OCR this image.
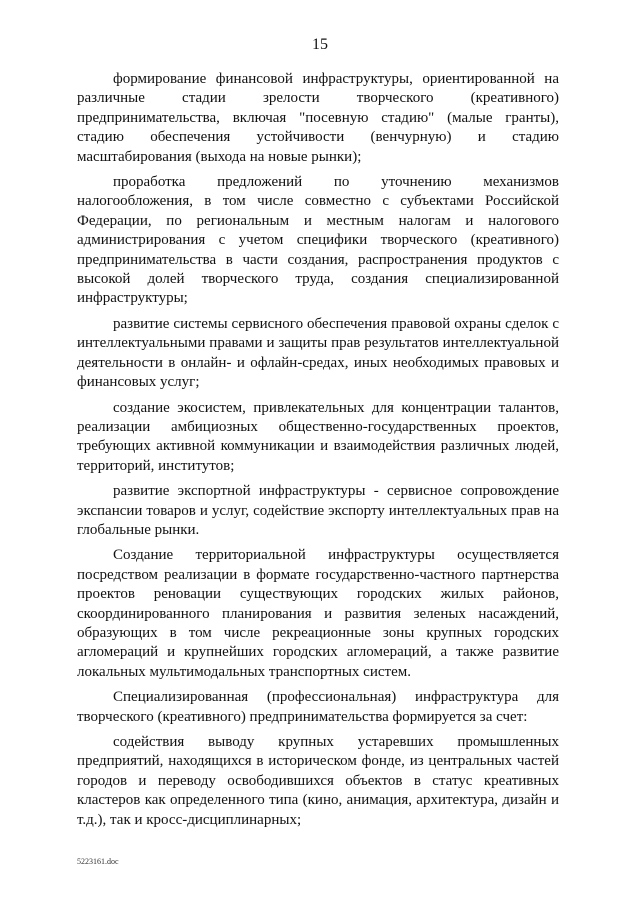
15

формирование финансовой инфраструктуры, ориентированной на различные стадии зрелости творческого (креативного) предпринимательства, включая "посевную стадию" (малые гранты), стадию обеспечения устойчивости (венчурную) и стадию масштабирования (выхода на новые рынки);

проработка предложений по уточнению механизмов налогообложения, в том числе совместно с субъектами Российской Федерации, по региональным и местным налогам и налогового администрирования с учетом специфики творческого (креативного) предпринимательства в части создания, распространения продуктов с высокой долей творческого труда, создания специализированной инфраструктуры;

развитие системы сервисного обеспечения правовой охраны сделок с интеллектуальными правами и защиты прав результатов интеллектуальной деятельности в онлайн- и офлайн-средах, иных необходимых правовых и финансовых услуг;

создание экосистем, привлекательных для концентрации талантов, реализации амбициозных общественно-государственных проектов, требующих активной коммуникации и взаимодействия различных людей, территорий, институтов;

развитие экспортной инфраструктуры - сервисное сопровождение экспансии товаров и услуг, содействие экспорту интеллектуальных прав на глобальные рынки.

Создание территориальной инфраструктуры осуществляется посредством реализации в формате государственно-частного партнерства проектов реновации существующих городских жилых районов, скоординированного планирования и развития зеленых насаждений, образующих в том числе рекреационные зоны крупных городских агломераций и крупнейших городских агломераций, а также развитие локальных мультимодальных транспортных систем.

Специализированная (профессиональная) инфраструктура для творческого (креативного) предпринимательства формируется за счет:

содействия выводу крупных устаревших промышленных предприятий, находящихся в историческом фонде, из центральных частей городов и переводу освободившихся объектов в статус креативных кластеров как определенного типа (кино, анимация, архитектура, дизайн и т.д.), так и кросс-дисциплинарных;

5223161.doc
